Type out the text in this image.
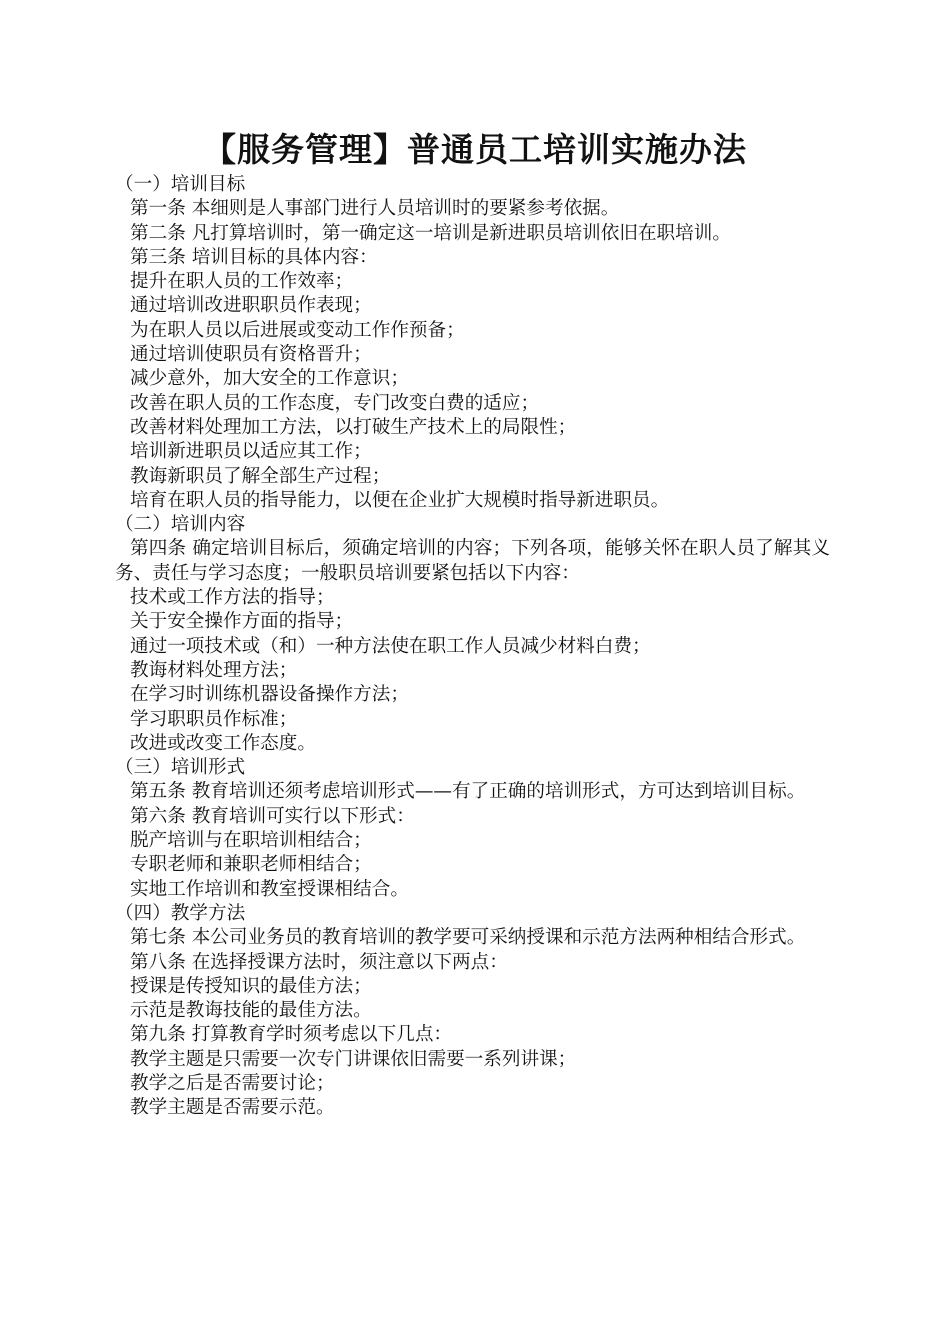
【服务管理】普通员工培训实施办法
（一）培训目标
第一条 本细则是人事部门进行人员培训时的要紧参考依据。
第二条 凡打算培训时，第一确定这一培训是新进职员培训依旧在职培训。
第三条 培训目标的具体内容：
提升在职人员的工作效率；
通过培训改进职职员作表现；
为在职人员以后进展或变动工作作预备；
通过培训使职员有资格晋升；
减少意外，加大安全的工作意识；
改善在职人员的工作态度，专门改变白费的适应；
改善材料处理加工方法，以打破生产技术上的局限性；
培训新进职员以适应其工作；
教诲新职员了解全部生产过程；
培育在职人员的指导能力，以便在企业扩大规模时指导新进职员。
（二）培训内容
第四条 确定培训目标后，须确定培训的内容；下列各项，能够关怀在职人员了解其义务、责任与学习态度；一般职员培训要紧包括以下内容：
技术或工作方法的指导；
关于安全操作方面的指导；
通过一项技术或（和）一种方法使在职工作人员减少材料白费；
教诲材料处理方法；
在学习时训练机器设备操作方法；
学习职职员作标准；
改进或改变工作态度。
（三）培训形式
第五条 教育培训还须考虑培训形式——有了正确的培训形式，方可达到培训目标。
第六条 教育培训可实行以下形式：
脱产培训与在职培训相结合；
专职老师和兼职老师相结合；
实地工作培训和教室授课相结合。
（四）教学方法
第七条 本公司业务员的教育培训的教学要可采纳授课和示范方法两种相结合形式。
第八条 在选择授课方法时，须注意以下两点：
授课是传授知识的最佳方法；
示范是教诲技能的最佳方法。
第九条 打算教育学时须考虑以下几点：
教学主题是只需要一次专门讲课依旧需要一系列讲课；
教学之后是否需要讨论；
教学主题是否需要示范。
